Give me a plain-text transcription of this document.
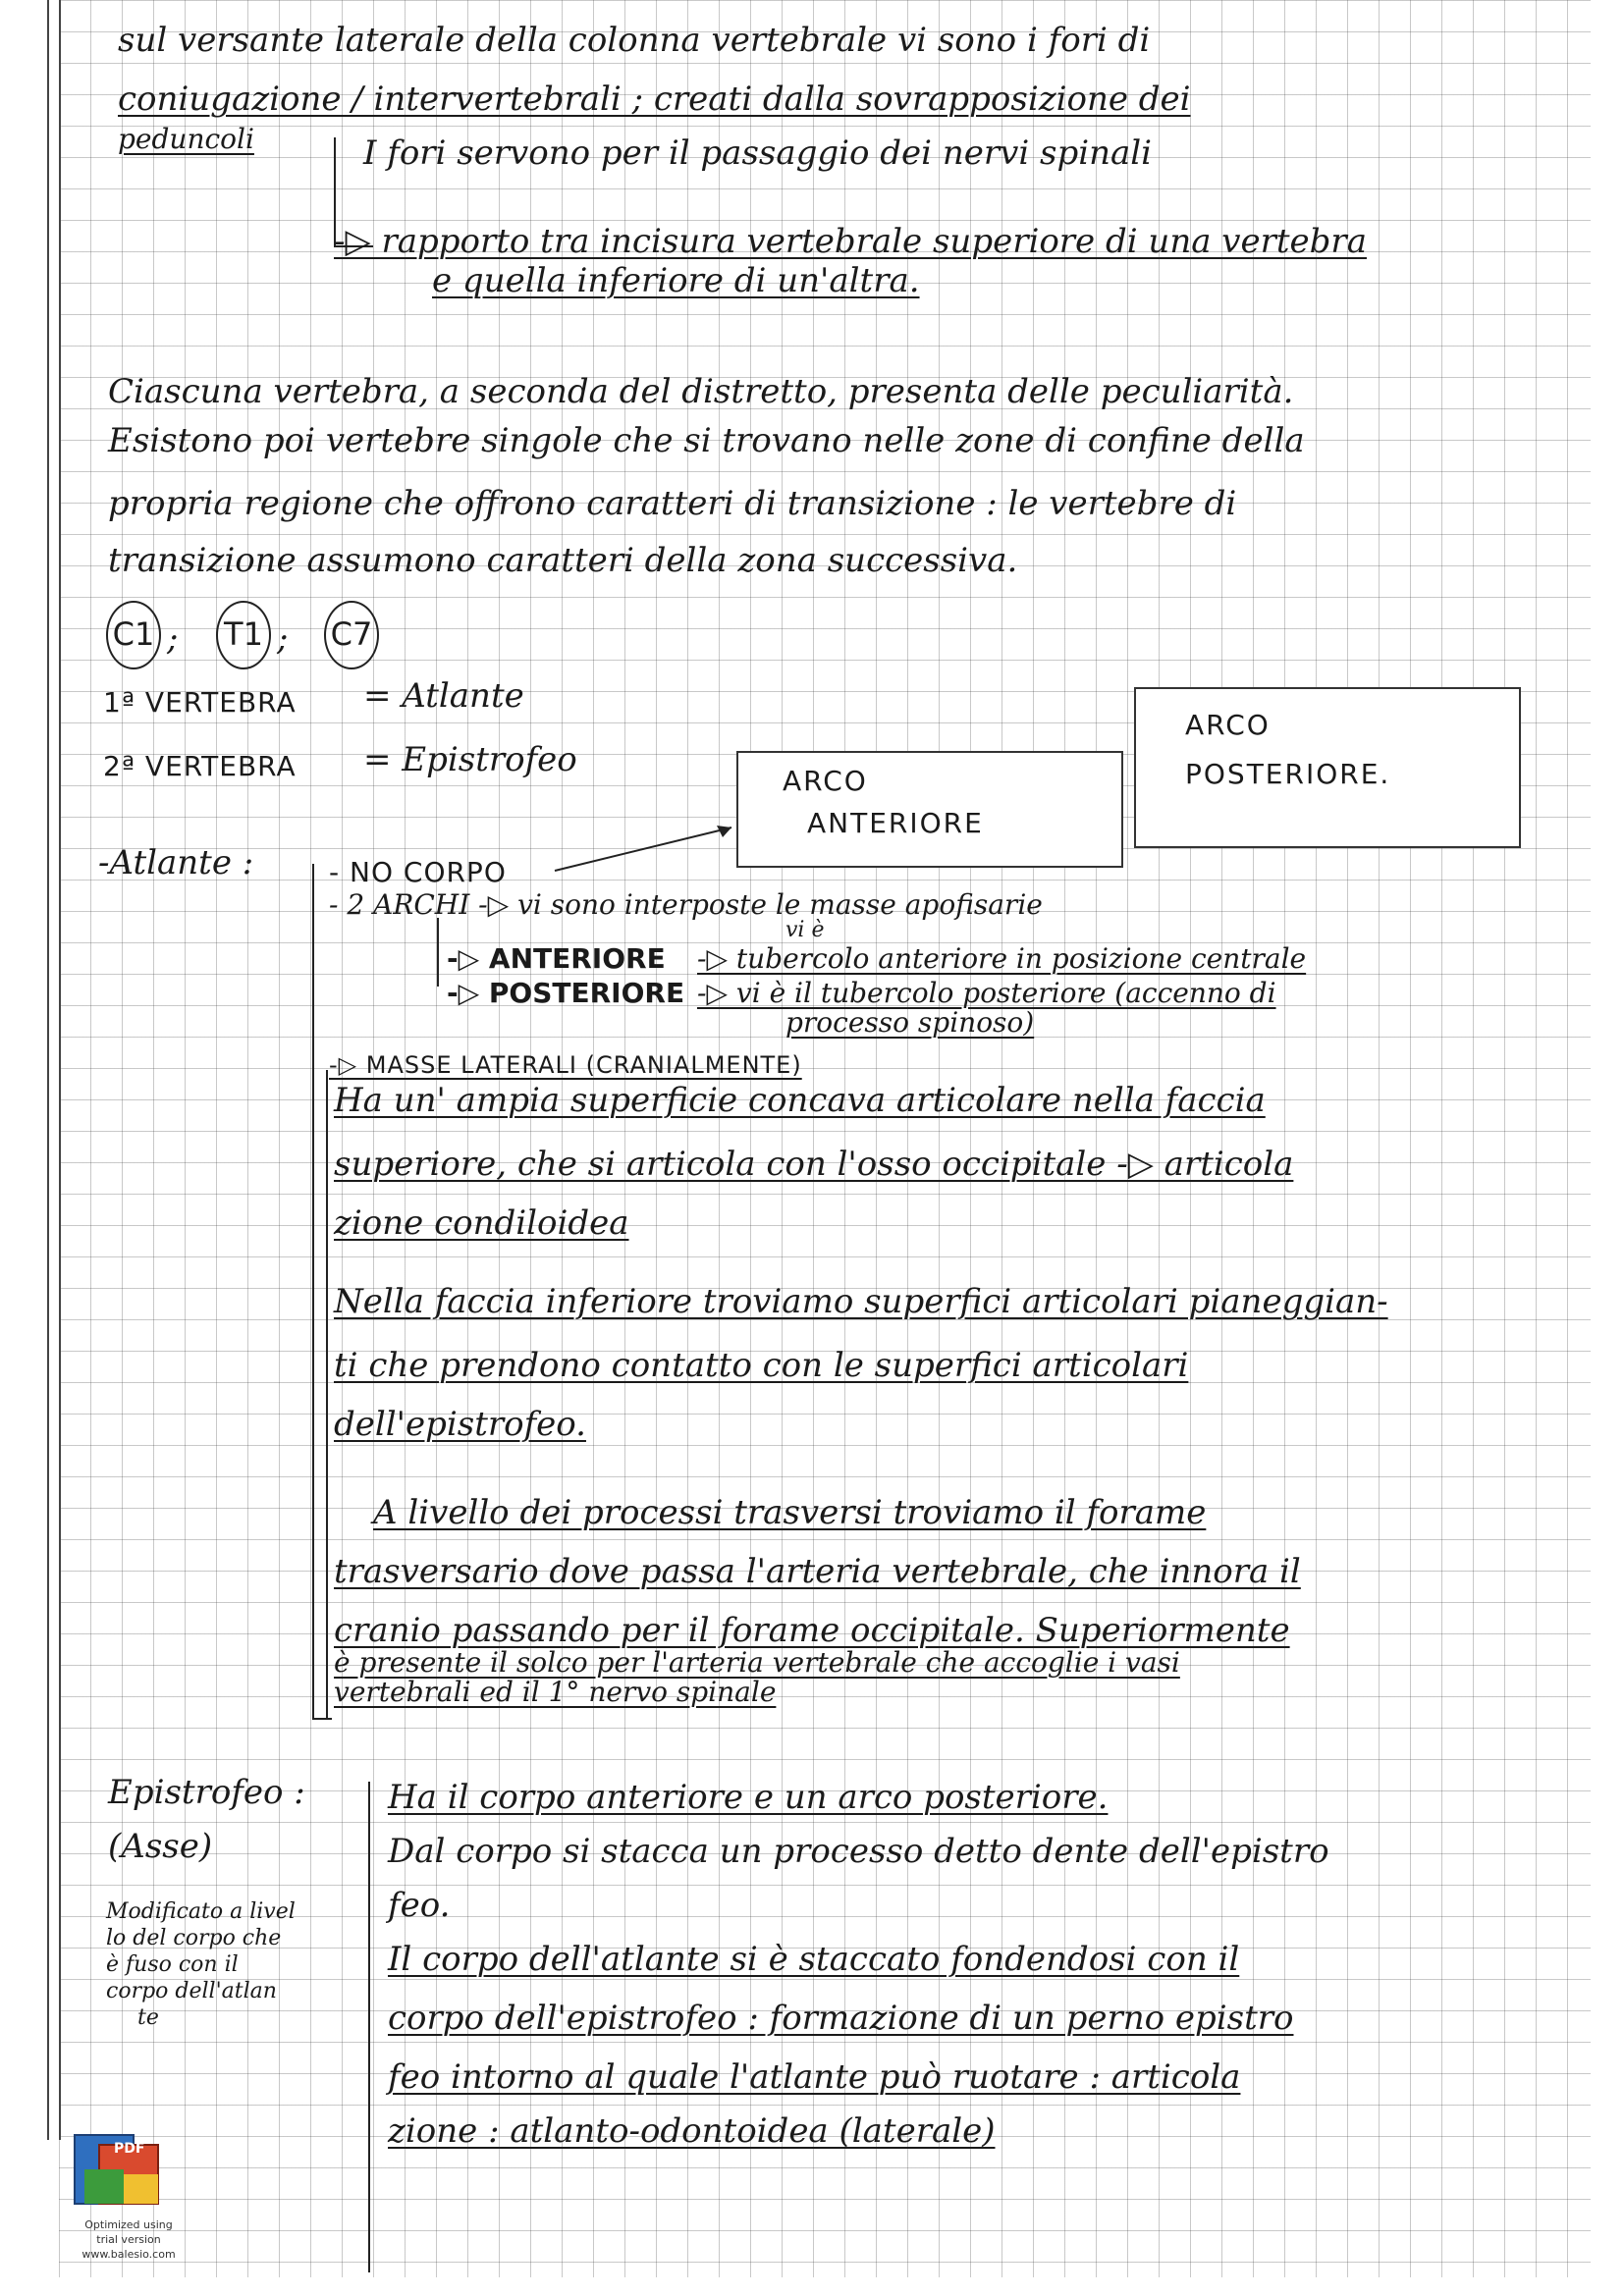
sul versante laterale della colonna vertebrale vi sono i fori di
coniugazione / intervertebrali ; creati dalla sovrapposizione dei
peduncoli	I fori servono per il passaggio dei nervi spinali
-▷ rapporto tra incisura vertebrale superiore di una vertebra
e quella inferiore di un'altra.
Ciascuna vertebra, a seconda del distretto, presenta delle peculiarità.
Esistono poi vertebre singole che si trovano nelle zone di confine della
propria regione che offrono caratteri di transizione : le vertebre di
transizione assumono caratteri della zona successiva.
C1 ; T1 ; C7
1ª VERTEBRA = Atlante
2ª VERTEBRA = Epistrofeo
ARCO
ANTERIORE
ARCO
POSTERIORE.
-Atlante :	- NO CORPO
- 2 ARCHI -▷ vi sono interposte le masse apofisarie
vi è
-▷ ANTERIORE -▷ tubercolo anteriore in posizione centrale
-▷ POSTERIORE -▷ vi è il tubercolo posteriore (accenno di
processo spinoso)
-▷ MASSE LATERALI (CRANIALMENTE)
Ha un' ampia superficie concava articolare nella faccia
superiore, che si articola con l'osso occipitale -▷ articola
zione condiloidea
Nella faccia inferiore troviamo superfici articolari pianeggian-
ti che prendono contatto con le superfici articolari
dell'epistrofeo.
A livello dei processi trasversi troviamo il forame
trasversario dove passa l'arteria vertebrale, che innora il
cranio passando per il forame occipitale. Superiormente
è presente il solco per l'arteria vertebrale che accoglie i vasi
vertebrali ed il 1° nervo spinale
Epistrofeo :
(Asse)
Modificato a livel
lo del corpo che
è fuso con il
corpo dell'atlan
te
Ha il corpo anteriore e un arco posteriore.
Dal corpo si stacca un processo detto dente dell'epistro
feo.
Il corpo dell'atlante si è staccato fondendosi con il
corpo dell'epistrofeo : formazione di un perno epistro
feo intorno al quale l'atlante può ruotare : articola
zione : atlanto-odontoidea (laterale)
PDF
Optimized using
trial version
www.balesio.com
